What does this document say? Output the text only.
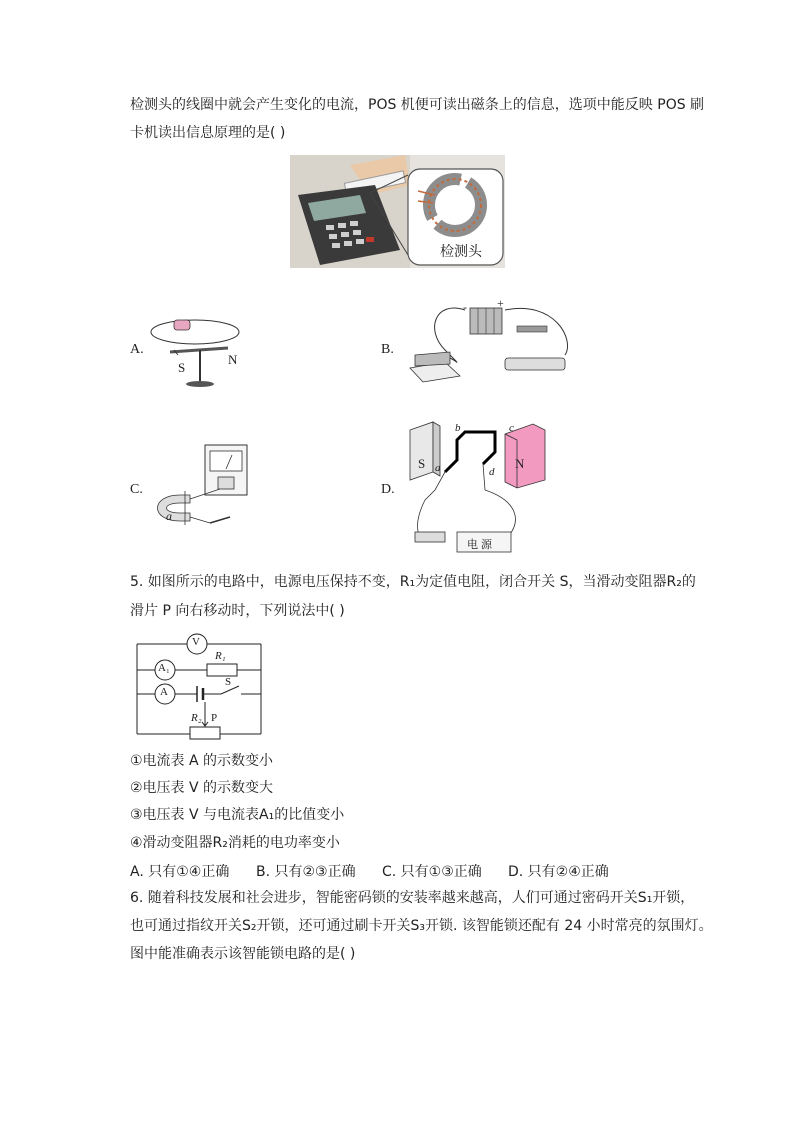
检测头的线圈中就会产生变化的电流，POS 机便可读出磁条上的信息，选项中能反映 POS 刷
卡机读出信息原理的是( )
检测头
A.
S
N
B.
-	+
C.
a
D.
S	N
a
b	c
d
电 源
5. 如图所示的电路中，电源电压保持不变，R₁为定值电阻，闭合开关 S，当滑动变阻器R₂的
滑片 P 向右移动时，下列说法中( )
V
A₁
A
R₁
R₂ P
S
①电流表 A 的示数变小
②电压表 V 的示数变大
③电压表 V 与电流表A₁的比值变小
④滑动变阻器R₂消耗的电功率变小
A. 只有①④正确 B. 只有②③正确 C. 只有①③正确 D. 只有②④正确
6. 随着科技发展和社会进步，智能密码锁的安装率越来越高，人们可通过密码开关S₁开锁，
也可通过指纹开关S₂开锁，还可通过刷卡开关S₃开锁. 该智能锁还配有 24 小时常亮的氛围灯。
图中能准确表示该智能锁电路的是( )
